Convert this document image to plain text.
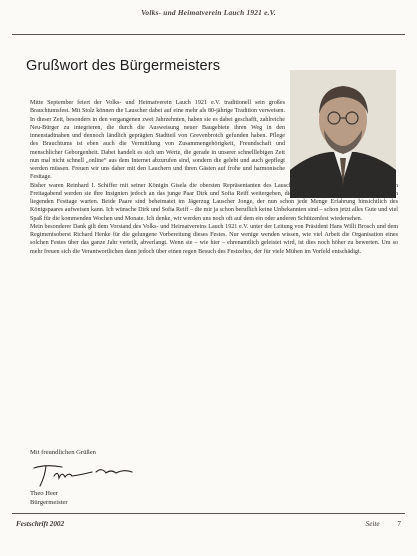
Volks- und Heimatverein Lauch 1921 e.V.
Grußwort des Bürgermeisters

Mitte September feiert der Volks- und Heimatverein Lauch 1921 e.V. traditionell sein großes Brauchtumsfest. Mit Stolz können die Lauscher dabei auf eine mehr als 80-jährige Tradition verweisen. In dieser Zeit, besonders in den vergangenen zwei Jahrzehnten, haben sie es dabei geschafft, zahlreiche Neu-Bürger zu integrieren, die durch die Ausweisung neuer Baugebiete ihren Weg in den innenstadtnahen und dennoch ländlich geprägten Stadtteil von Grevenbroich gefunden haben. Pflege des Brauchtums ist eben auch die Vermittlung von Zusammengehörigkeit, Freundschaft und menschlicher Geborgenheit. Dabei handelt es sich um Werte, die gerade in unserer schnelllebigen Zeit nun mal nicht schnell „online“ aus dem Internet abzurufen sind, sondern die gelebt und auch gepflegt werden müssen. Freuen wir uns daher mit den Lauchern und ihren Gästen auf frohe und harmonische Festtage.

Bisher waren Reinhard I. Schiffer mit seiner Königin Gisela die obersten Repräsentanten des Lauscher Regiments. Mit Beginn des Festes am Freitagabend werden sie ihre Insignien jedoch an das junge Paar Dirk und Sofia Reiff weitergeben, die schon voller Spannung auf die vor ihnen liegenden Festtage warten. Beide Paare sind beheimatet im Jägerzug Lauscher Jonge, der nun schon jede Menge Erfahrung hinsichtlich des Königspaares aufweisen kann. Ich wünsche Dirk und Sofia Reiff – die mir ja schon beruflich keine Unbekannten sind – schon jetzt alles Gute und viel Spaß für die kommenden Wochen und Monate. Ich denke, wir werden uns noch oft auf dem ein oder anderen Schützenfest wiedersehen.

Mein besonderer Dank gilt dem Vorstand des Volks- und Heimatvereins Lauch 1921 e.V. unter der Leitung von Präsident Hans Willi Brosch und dem Regimentsoberst Richard Henke für die gelungene Vorbereitung dieses Festes. Nur wenige wenden wissen, wie viel Arbeit die Organisation eines solchen Festes über das ganze Jahr verteilt, abverlangt. Wenn sie – wie hier – ehrenamtlich geleistet wird, ist dies noch höher zu bewerten. Um so mehr freuen sich die Verantwortlichen dann jedoch über einen regen Besuch des Festzeltes, der für viele Mühen im Vorfeld entschädigt.

Mit freundlichen Grüßen
Theo Heer
Bürgermeister
Festschrift 2002	Seite 7
